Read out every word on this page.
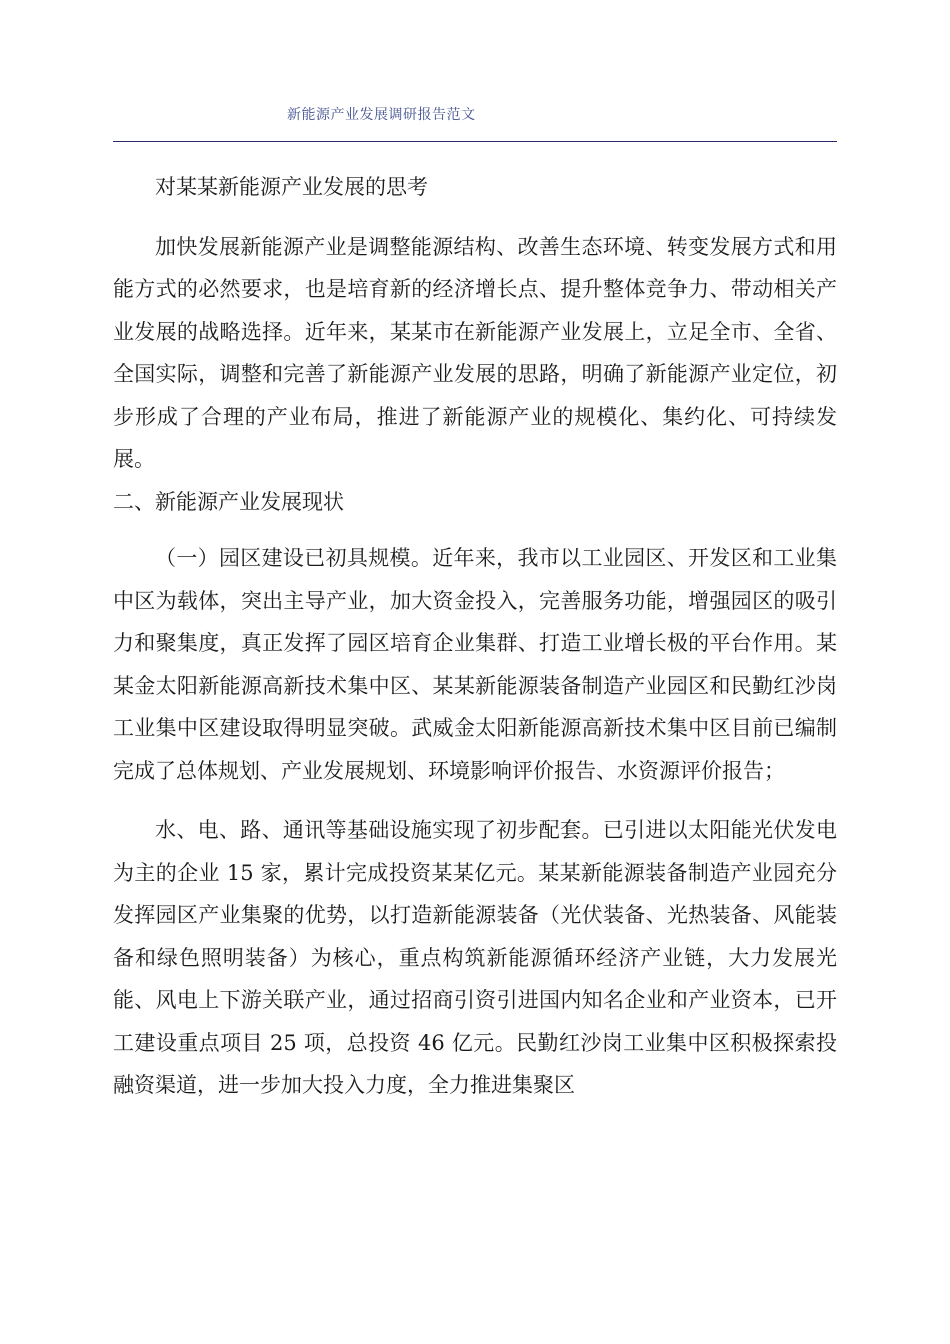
新能源产业发展调研报告范文

对某某新能源产业发展的思考

加快发展新能源产业是调整能源结构、改善生态环境、转变发展方式和用能方式的必然要求，也是培育新的经济增长点、提升整体竞争力、带动相关产业发展的战略选择。近年来，某某市在新能源产业发展上，立足全市、全省、全国实际，调整和完善了新能源产业发展的思路，明确了新能源产业定位，初步形成了合理的产业布局，推进了新能源产业的规模化、集约化、可持续发展。

二、新能源产业发展现状

（一）园区建设已初具规模。近年来，我市以工业园区、开发区和工业集中区为载体，突出主导产业，加大资金投入，完善服务功能，增强园区的吸引力和聚集度，真正发挥了园区培育企业集群、打造工业增长极的平台作用。某某金太阳新能源高新技术集中区、某某新能源装备制造产业园区和民勤红沙岗工业集中区建设取得明显突破。武威金太阳新能源高新技术集中区目前已编制完成了总体规划、产业发展规划、环境影响评价报告、水资源评价报告；

水、电、路、通讯等基础设施实现了初步配套。已引进以太阳能光伏发电为主的企业 15 家，累计完成投资某某亿元。某某新能源装备制造产业园充分发挥园区产业集聚的优势，以打造新能源装备（光伏装备、光热装备、风能装备和绿色照明装备）为核心，重点构筑新能源循环经济产业链，大力发展光能、风电上下游关联产业，通过招商引资引进国内知名企业和产业资本，已开工建设重点项目 25 项，总投资 46 亿元。民勤红沙岗工业集中区积极探索投融资渠道，进一步加大投入力度，全力推进集聚区
